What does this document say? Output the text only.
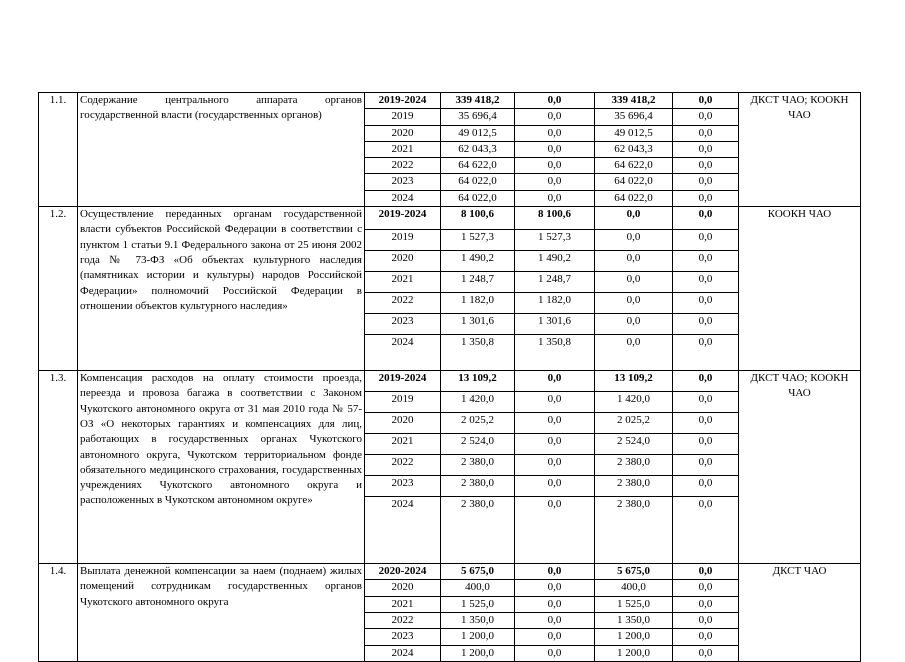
1.1.	Содержание центрального аппарата органов государственной власти (государственных органов)	2019-2024	339 418,2	0,0	339 418,2	0,0	ДКСТ ЧАО; КООКН ЧАО
		2019	35 696,4	0,0	35 696,4	0,0	
		2020	49 012,5	0,0	49 012,5	0,0	
		2021	62 043,3	0,0	62 043,3	0,0	
		2022	64 622,0	0,0	64 622,0	0,0	
		2023	64 022,0	0,0	64 022,0	0,0	
		2024	64 022,0	0,0	64 022,0	0,0	
1.2.	Осуществление переданных органам государственной власти субъектов Российской Федерации в соответствии с пунктом 1 статьи 9.1 Федерального закона от 25 июня 2002 года № 73-ФЗ «Об объектах культурного наследия (памятниках истории и культуры) народов Российской Федерации» полномочий Российской Федерации в отношении объектов культурного наследия»	2019-2024	8 100,6	8 100,6	0,0	0,0	КООКН ЧАО
		2019	1 527,3	1 527,3	0,0	0,0	
		2020	1 490,2	1 490,2	0,0	0,0	
		2021	1 248,7	1 248,7	0,0	0,0	
		2022	1 182,0	1 182,0	0,0	0,0	
		2023	1 301,6	1 301,6	0,0	0,0	
		2024	1 350,8	1 350,8	0,0	0,0	
1.3.	Компенсация расходов на оплату стоимости проезда, переезда и провоза багажа в соответствии с Законом Чукотского автономного округа от 31 мая 2010 года № 57-ОЗ «О некоторых гарантиях и компенсациях для лиц, работающих в государственных органах Чукотского автономного округа, Чукотском территориальном фонде обязательного медицинского страхования, государственных учреждениях Чукотского автономного округа и расположенных в Чукотском автономном округе»	2019-2024	13 109,2	0,0	13 109,2	0,0	ДКСТ ЧАО; КООКН ЧАО
		2019	1 420,0	0,0	1 420,0	0,0	
		2020	2 025,2	0,0	2 025,2	0,0	
		2021	2 524,0	0,0	2 524,0	0,0	
		2022	2 380,0	0,0	2 380,0	0,0	
		2023	2 380,0	0,0	2 380,0	0,0	
		2024	2 380,0	0,0	2 380,0	0,0	
1.4.	Выплата денежной компенсации за наем (поднаем) жилых помещений сотрудникам государственных органов Чукотского автономного округа	2020-2024	5 675,0	0,0	5 675,0	0,0	ДКСТ ЧАО
		2020	400,0	0,0	400,0	0,0	
		2021	1 525,0	0,0	1 525,0	0,0	
		2022	1 350,0	0,0	1 350,0	0,0	
		2023	1 200,0	0,0	1 200,0	0,0	
		2024	1 200,0	0,0	1 200,0	0,0	
